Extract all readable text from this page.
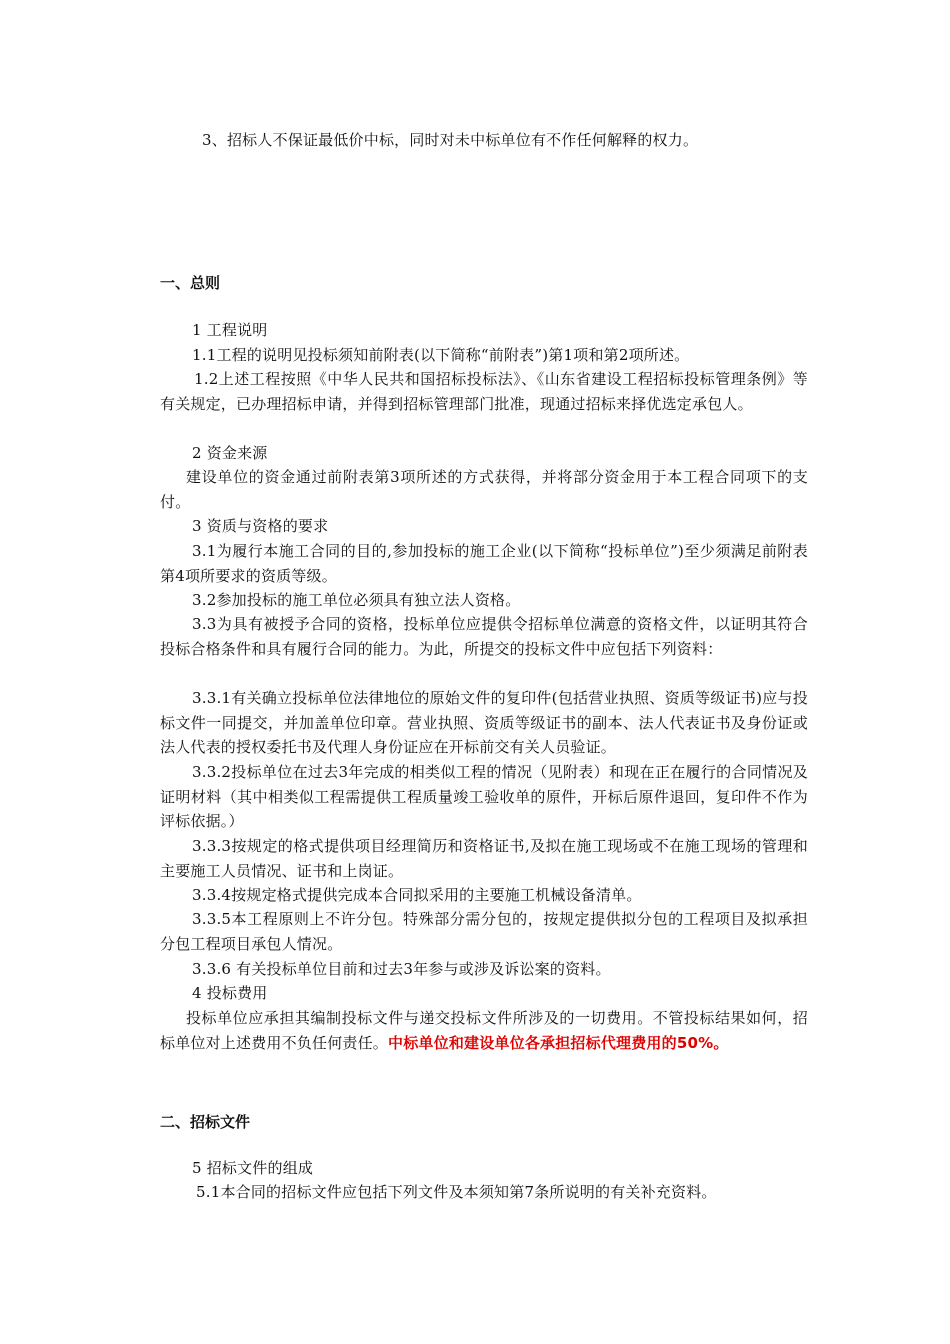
3、招标人不保证最低价中标，同时对未中标单位有不作任何解释的权力。

一、总则

1 工程说明

1.1工程的说明见投标须知前附表(以下简称“前附表”)第1项和第2项所述。

1.2上述工程按照《中华人民共和国招标投标法》、《山东省建设工程招标投标管理条例》等有关规定，已办理招标申请，并得到招标管理部门批准，现通过招标来择优选定承包人。

2 资金来源

建设单位的资金通过前附表第3项所述的方式获得，并将部分资金用于本工程合同项下的支付。

3 资质与资格的要求

3.1为履行本施工合同的目的,参加投标的施工企业(以下简称“投标单位”)至少须满足前附表第4项所要求的资质等级。

3.2参加投标的施工单位必须具有独立法人资格。

3.3为具有被授予合同的资格，投标单位应提供令招标单位满意的资格文件，以证明其符合投标合格条件和具有履行合同的能力。为此，所提交的投标文件中应包括下列资料：

3.3.1有关确立投标单位法律地位的原始文件的复印件(包括营业执照、资质等级证书)应与投标文件一同提交，并加盖单位印章。营业执照、资质等级证书的副本、法人代表证书及身份证或法人代表的授权委托书及代理人身份证应在开标前交有关人员验证。

3.3.2投标单位在过去3年完成的相类似工程的情况（见附表）和现在正在履行的合同情况及证明材料（其中相类似工程需提供工程质量竣工验收单的原件，开标后原件退回，复印件不作为评标依据。）

3.3.3按规定的格式提供项目经理简历和资格证书,及拟在施工现场或不在施工现场的管理和主要施工人员情况、证书和上岗证。

3.3.4按规定格式提供完成本合同拟采用的主要施工机械设备清单。

3.3.5本工程原则上不许分包。特殊部分需分包的，按规定提供拟分包的工程项目及拟承担分包工程项目承包人情况。

3.3.6 有关投标单位目前和过去3年参与或涉及诉讼案的资料。

4 投标费用

投标单位应承担其编制投标文件与递交投标文件所涉及的一切费用。不管投标结果如何，招标单位对上述费用不负任何责任。中标单位和建设单位各承担招标代理费用的50%。

二、招标文件

5 招标文件的组成

5.1本合同的招标文件应包括下列文件及本须知第7条所说明的有关补充资料。
